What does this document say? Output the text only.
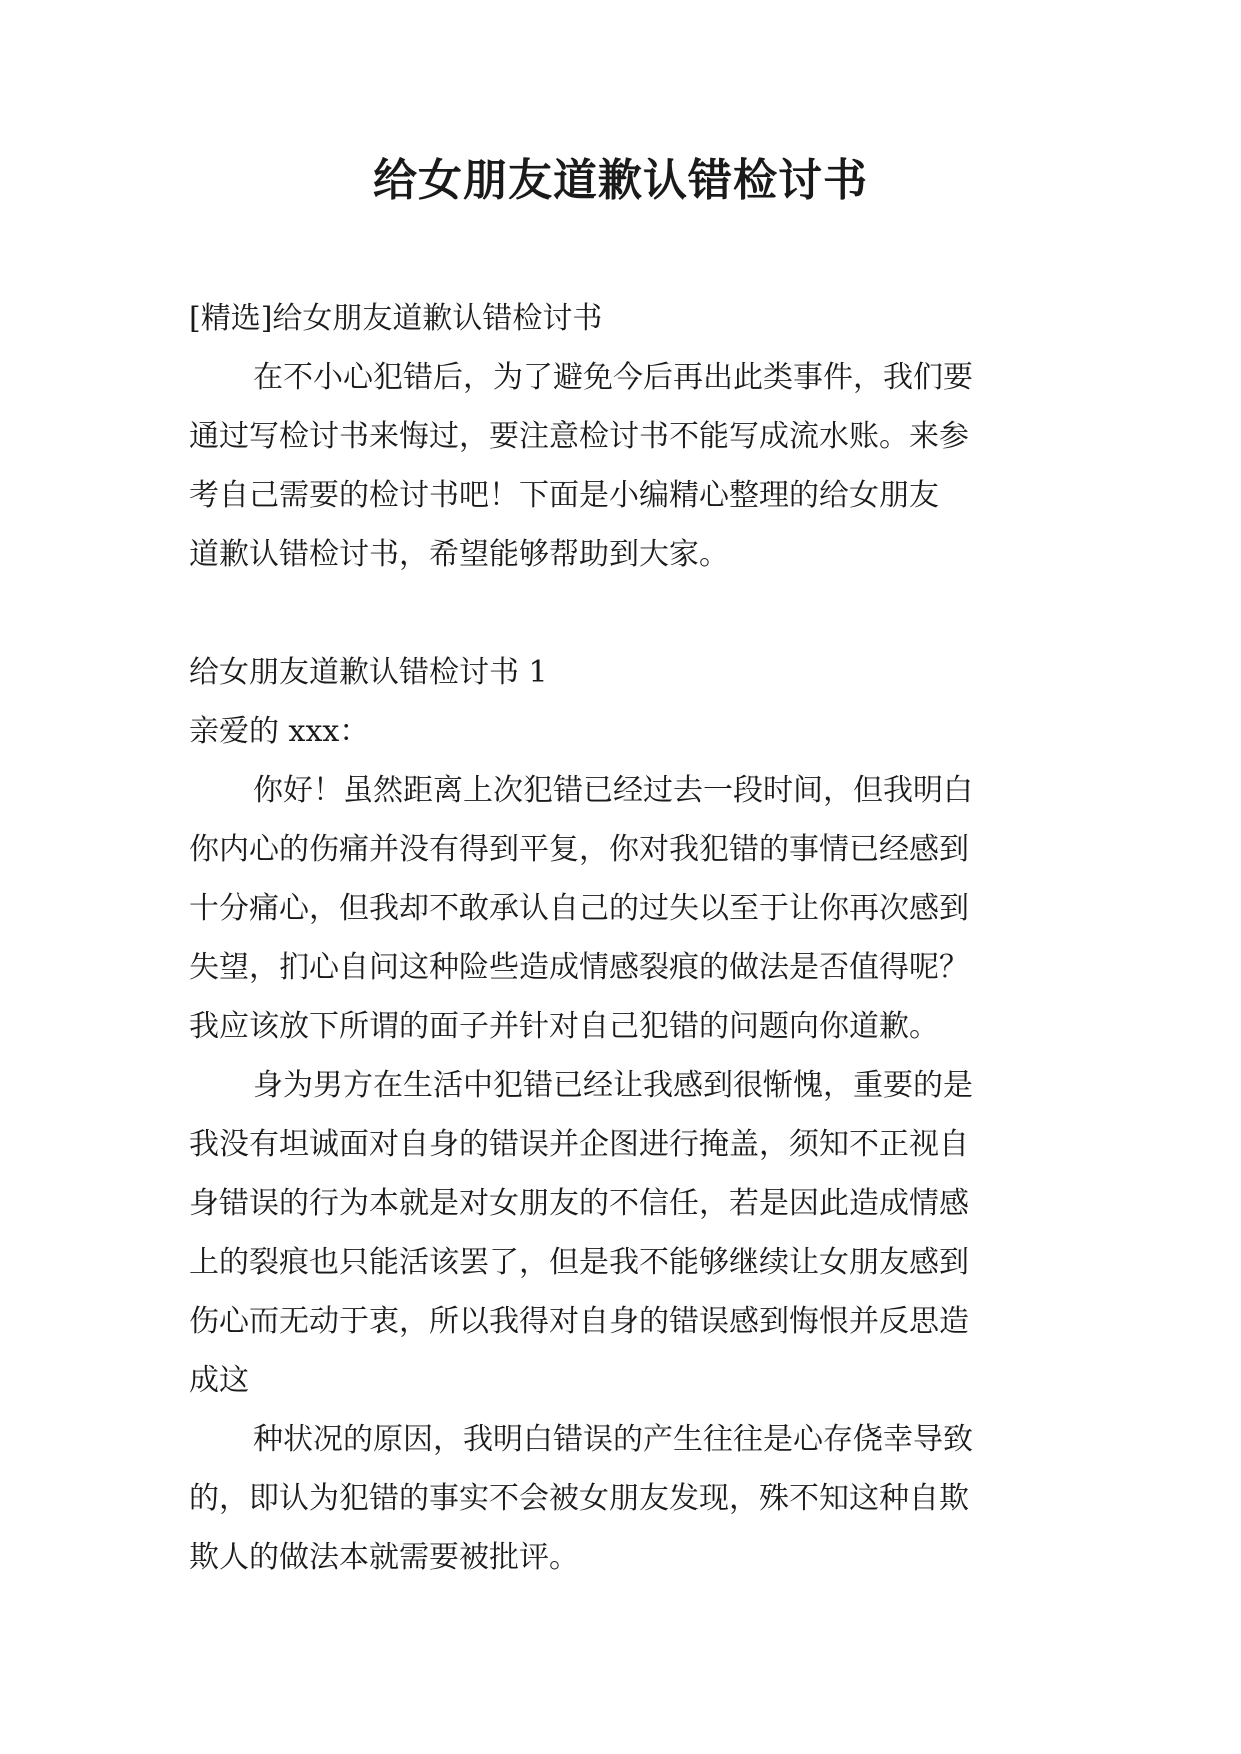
给女朋友道歉认错检讨书

[精选]给女朋友道歉认错检讨书

在不小心犯错后，为了避免今后再出此类事件，我们要

通过写检讨书来悔过，要注意检讨书不能写成流水账。来参

考自己需要的检讨书吧！下面是小编精心整理的给女朋友

道歉认错检讨书，希望能够帮助到大家。

给女朋友道歉认错检讨书 1

亲爱的 xxx：

你好！虽然距离上次犯错已经过去一段时间，但我明白

你内心的伤痛并没有得到平复，你对我犯错的事情已经感到

十分痛心，但我却不敢承认自己的过失以至于让你再次感到

失望，扪心自问这种险些造成情感裂痕的做法是否值得呢？

我应该放下所谓的面子并针对自己犯错的问题向你道歉。

身为男方在生活中犯错已经让我感到很惭愧，重要的是

我没有坦诚面对自身的错误并企图进行掩盖，须知不正视自

身错误的行为本就是对女朋友的不信任，若是因此造成情感

上的裂痕也只能活该罢了，但是我不能够继续让女朋友感到

伤心而无动于衷，所以我得对自身的错误感到悔恨并反思造

成这

种状况的原因，我明白错误的产生往往是心存侥幸导致

的，即认为犯错的事实不会被女朋友发现，殊不知这种自欺

欺人的做法本就需要被批评。
